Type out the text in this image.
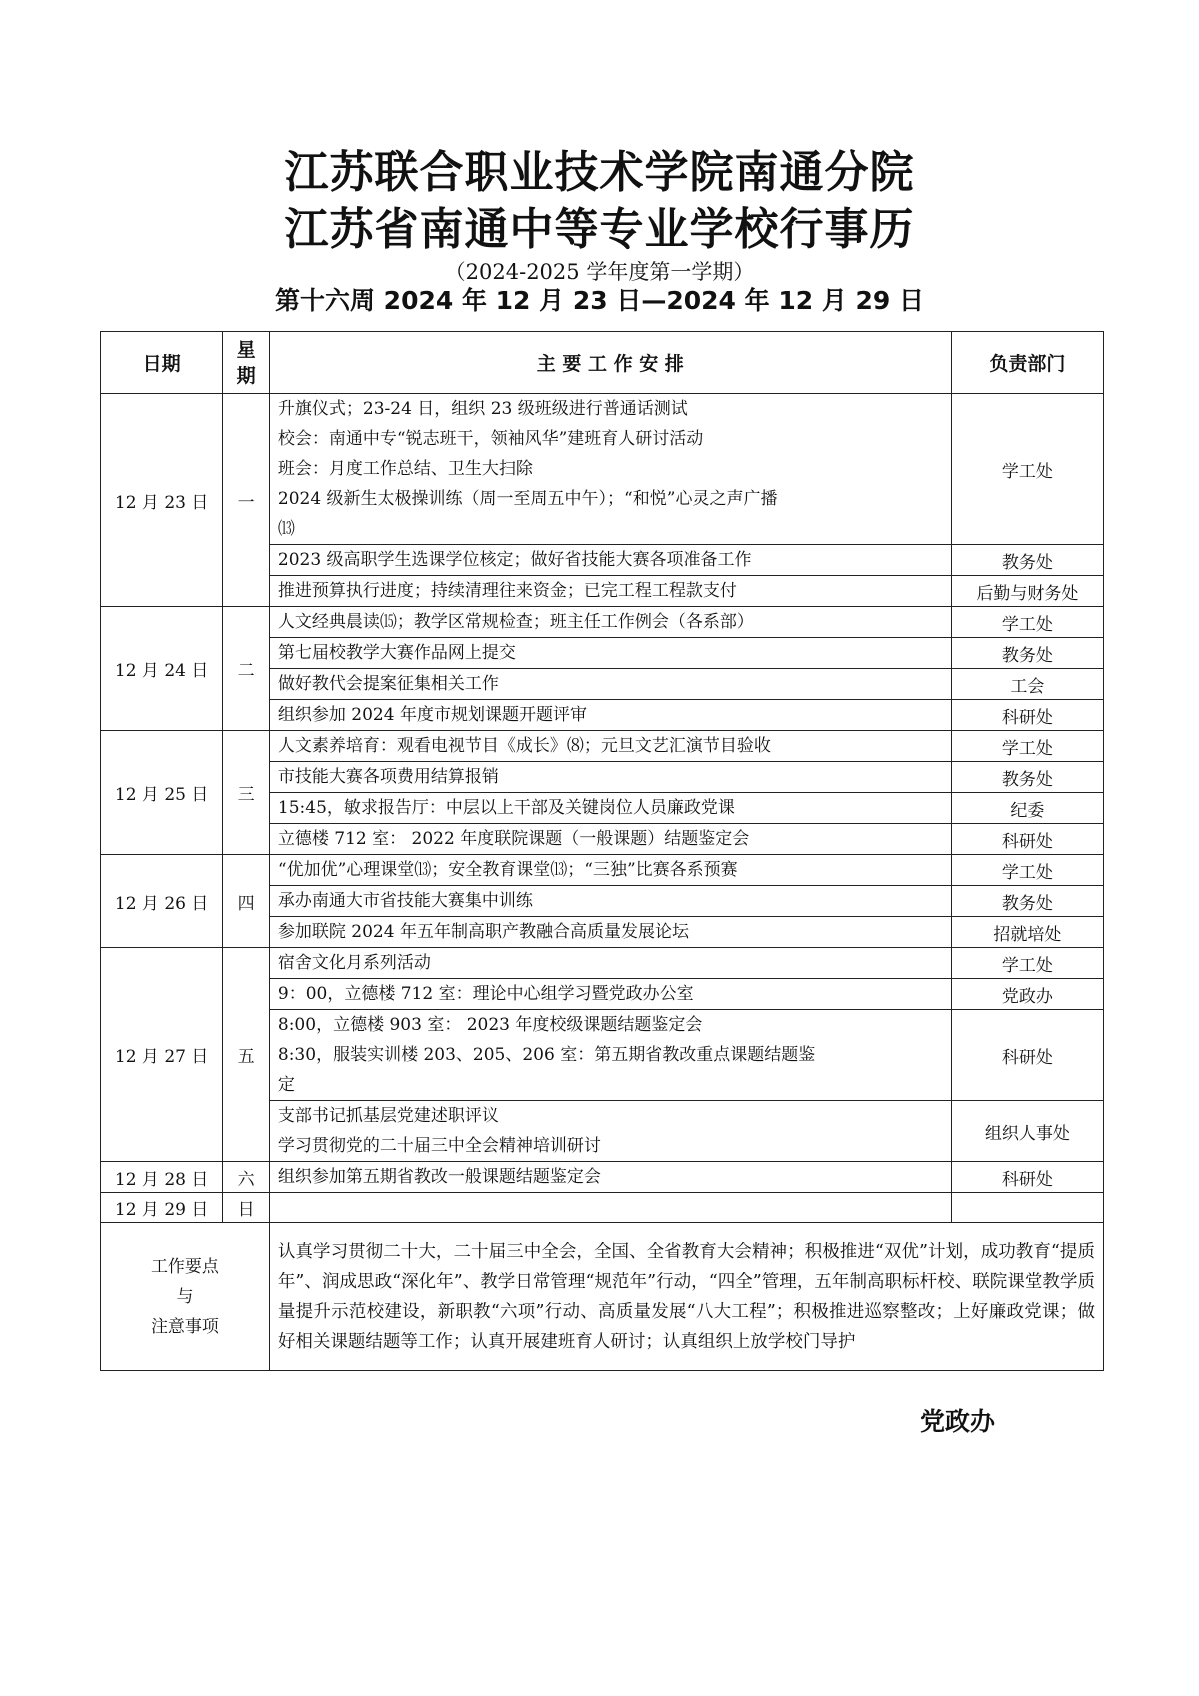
江苏联合职业技术学院南通分院
江苏省南通中等专业学校行事历
（2024-2025 学年度第一学期）
第十六周 2024 年 12 月 23 日—2024 年 12 月 29 日
日期	星期	主 要 工 作 安 排	负责部门
12 月 23 日	一	升旗仪式；23-24 日，组织 23 级班级进行普通话测试
校会：南通中专“锐志班干，领袖风华”建班育人研讨活动
班会：月度工作总结、卫生大扫除
2024 级新生太极操训练（周一至周五中午）；“和悦”心灵之声广播
⒀	学工处

		2023 级高职学生选课学位核定；做好省技能大赛各项准备工作	教务处

		推进预算执行进度；持续清理往来资金；已完工程工程款支付	后勤与财务处
12 月 24 日	二	人文经典晨读⒂；教学区常规检查；班主任工作例会（各系部）	学工处

		第七届校教学大赛作品网上提交	教务处

		做好教代会提案征集相关工作	工会

		组织参加 2024 年度市规划课题开题评审	科研处
12 月 25 日	三	人文素养培育：观看电视节目《成长》⑻；元旦文艺汇演节目验收	学工处

		市技能大赛各项费用结算报销	教务处

		15:45，敏求报告厅：中层以上干部及关键岗位人员廉政党课	纪委

		立德楼 712 室： 2022 年度联院课题（一般课题）结题鉴定会	科研处
12 月 26 日	四	“优加优”心理课堂⒀；安全教育课堂⒀；“三独”比赛各系预赛	学工处

		承办南通大市省技能大赛集中训练	教务处

		参加联院 2024 年五年制高职产教融合高质量发展论坛	招就培处
12 月 27 日	五	宿舍文化月系列活动	学工处

		9：00，立德楼 712 室：理论中心组学习暨党政办公室	党政办

		8:00，立德楼 903 室： 2023 年度校级课题结题鉴定会
8:30，服装实训楼 203、205、206 室：第五期省教改重点课题结题鉴
定	科研处

		支部书记抓基层党建述职评议
学习贯彻党的二十届三中全会精神培训研讨	组织人事处
12 月 28 日	六	组织参加第五期省教改一般课题结题鉴定会	科研处
12 月 29 日	日		

工作要点
与
注意事项		认真学习贯彻二十大，二十届三中全会，全国、全省教育大会精神；积极推进“双优”计划，成功教育“提质年”、润成思政“深化年”、教学日常管理“规范年”行动，“四全”管理，五年制高职标杆校、联院课堂教学质量提升示范校建设，新职教“六项”行动、高质量发展“八大工程”；积极推进巡察整改；上好廉政党课；做好相关课题结题等工作；认真开展建班育人研讨；认真组织上放学校门导护	
党政办
